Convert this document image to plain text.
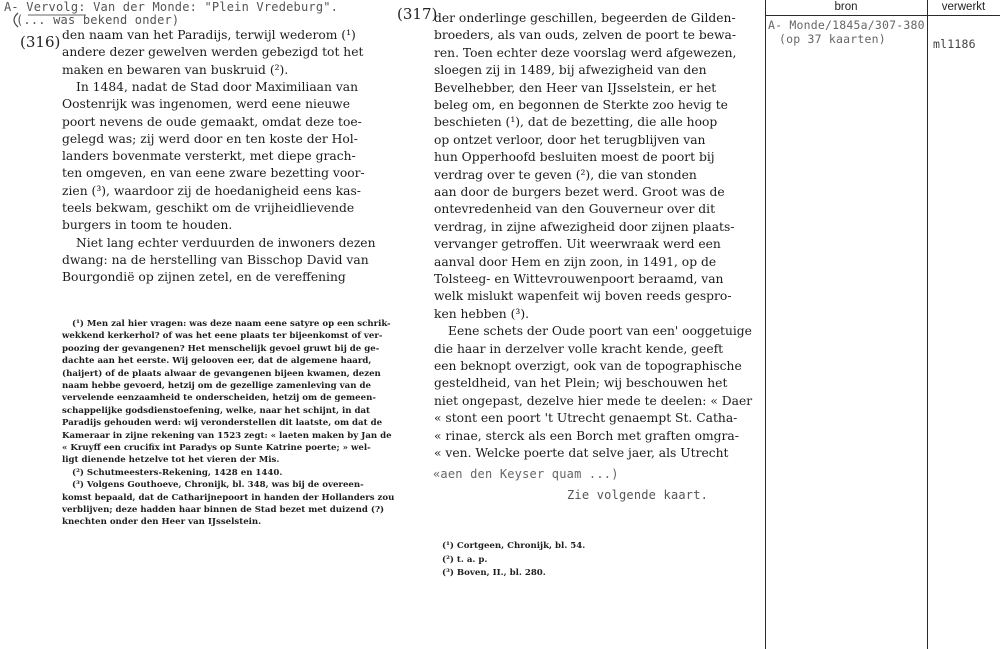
A- Vervolg: Van der Monde: "Plein Vredeburg".
(... was bekend onder)
(316)
(317)
den naam van het Paradijs, terwijl wederom (¹)
andere dezer gewelven werden gebezigd tot het
maken en bewaren van buskruid (²).
In 1484, nadat de Stad door Maximiliaan van
Oostenrijk was ingenomen, werd eene nieuwe
poort nevens de oude gemaakt, omdat deze toe-
gelegd was; zij werd door en ten koste der Hol-
landers bovenmate versterkt, met diepe grach-
ten omgeven, en van eene zware bezetting voor-
zien (³), waardoor zij de hoedanigheid eens kas-
teels bekwam, geschikt om de vrijheidlievende
burgers in toom te houden.
Niet lang echter verduurden de inwoners dezen
dwang: na de herstelling van Bisschop David van
Bourgondië op zijnen zetel, en de vereffening
(¹) Men zal hier vragen: was deze naam eene satyre op een schrik-
wekkend kerkerhol? of was het eene plaats ter bijeenkomst of ver-
poozing der gevangenen? Het menschelijk gevoel gruwt bij de ge-
dachte aan het eerste. Wij gelooven eer, dat de algemene haard,
(haijert) of de plaats alwaar de gevangenen bijeen kwamen, dezen
naam hebbe gevoerd, hetzij om de gezellige zamenleving van de
vervelende eenzaamheid te onderscheiden, hetzij om de gemeen-
schappelijke godsdienstoefening, welke, naar het schijnt, in dat
Paradijs gehouden werd: wij veronderstellen dit laatste, om dat de
Kameraar in zijne rekening van 1523 zegt: « laeten maken by Jan de
« Kruyff een crucifix int Paradys op Sunte Katrine poerte; » wel-
ligt dienende hetzelve tot het vieren der Mis.
(²) Schutmeesters-Rekening, 1428 en 1440.
(³) Volgens Gouthoeve, Chronijk, bl. 348, was bij de overeen-
komst bepaald, dat de Catharijnepoort in handen der Hollanders zou
verblijven; deze hadden haar binnen de Stad bezet met duizend (?)
knechten onder den Heer van IJsselstein.
der onderlinge geschillen, begeerden de Gilden-
broeders, als van ouds, zelven de poort te bewa-
ren. Toen echter deze voorslag werd afgewezen,
sloegen zij in 1489, bij afwezigheid van den
Bevelhebber, den Heer van IJsselstein, er het
beleg om, en begonnen de Sterkte zoo hevig te
beschieten (¹), dat de bezetting, die alle hoop
op ontzet verloor, door het terugblijven van
hun Opperhoofd besluiten moest de poort bij
verdrag over te geven (²), die van stonden
aan door de burgers bezet werd. Groot was de
ontevredenheid van den Gouverneur over dit
verdrag, in zijne afwezigheid door zijnen plaats-
vervanger getroffen. Uit weerwraak werd een
aanval door Hem en zijn zoon, in 1491, op de
Tolsteeg- en Wittevrouwenpoort beraamd, van
welk mislukt wapenfeit wij boven reeds gespro-
ken hebben (³).
Eene schets der Oude poort van een' ooggetuige
die haar in derzelver volle kracht kende, geeft
een beknopt overzigt, ook van de topographische
gesteldheid, van het Plein; wij beschouwen het
niet ongepast, dezelve hier mede te deelen: « Daer
« stont een poort 't Utrecht genaempt St. Catha-
« rinae, sterck als een Borch met graften omgra-
« ven. Welcke poerte dat selve jaer, als Utrecht
«aen den Keyser quam ...)
Zie volgende kaart.
(¹) Cortgeen, Chronijk, bl. 54.
(²) t. a. p.
(³) Boven, II., bl. 280.
bron	verwerkt
A- Monde/1845a/307-380
(op 37 kaarten)	ml1186
